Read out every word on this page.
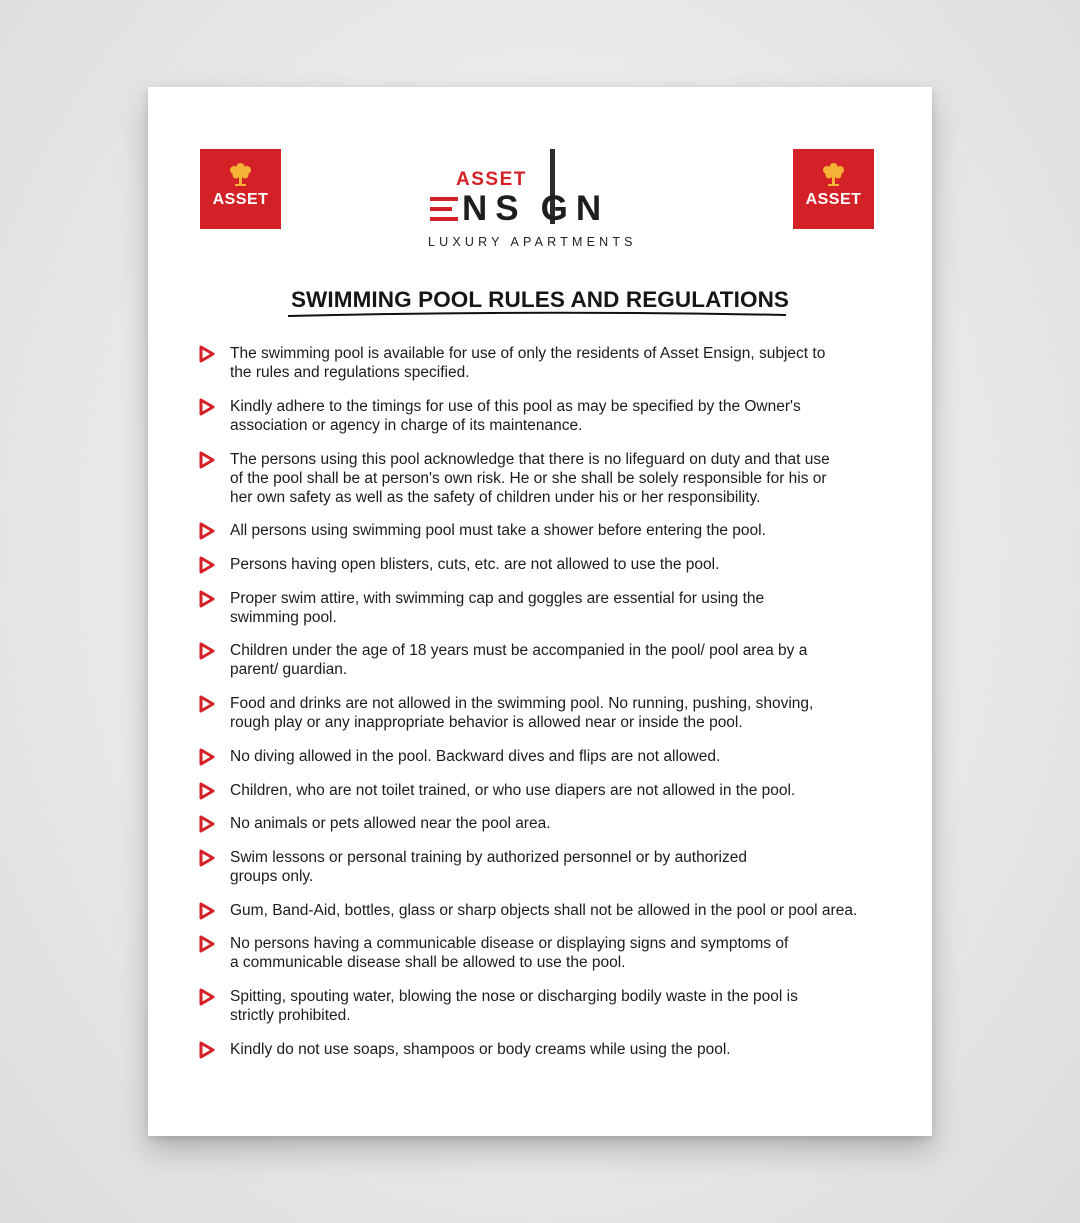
ASSET
ASSET
NS GN
LUXURY APARTMENTS
ASSET
SWIMMING POOL RULES AND REGULATIONS
The swimming pool is available for use of only the residents of Asset Ensign, subject to
the rules and regulations specified.
Kindly adhere to the timings for use of this pool as may be specified by the Owner's
association or agency in charge of its maintenance.
The persons using this pool acknowledge that there is no lifeguard on duty and that use
of the pool shall be at person's own risk. He or she shall be solely responsible for his or
her own safety as well as the safety of children under his or her responsibility.
All persons using swimming pool must take a shower before entering the pool.
Persons having open blisters, cuts, etc. are not allowed to use the pool.
Proper swim attire, with swimming cap and goggles are essential for using the
swimming pool.
Children under the age of 18 years must be accompanied in the pool/ pool area by a
parent/ guardian.
Food and drinks are not allowed in the swimming pool. No running, pushing, shoving,
rough play or any inappropriate behavior is allowed near or inside the pool.
No diving allowed in the pool. Backward dives and flips are not allowed.
Children, who are not toilet trained, or who use diapers are not allowed in the pool.
No animals or pets allowed near the pool area.
Swim lessons or personal training by authorized personnel or by authorized
groups only.
Gum, Band-Aid, bottles, glass or sharp objects shall not be allowed in the pool or pool area.
No persons having a communicable disease or displaying signs and symptoms of
a communicable disease shall be allowed to use the pool.
Spitting, spouting water, blowing the nose or discharging bodily waste in the pool is
strictly prohibited.
Kindly do not use soaps, shampoos or body creams while using the pool.
